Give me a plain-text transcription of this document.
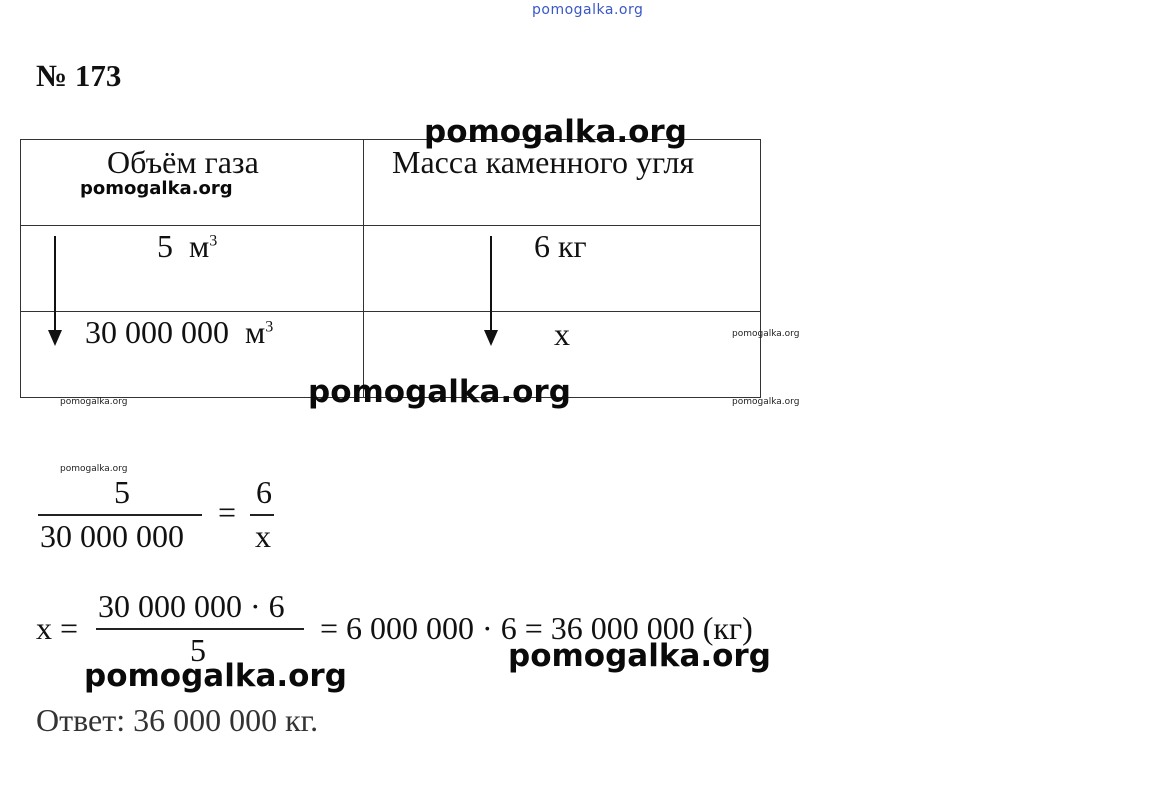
pomogalka.org
№ 173
Объём газа	Масса каменного угля

5 $м^3$	6 кг

30 000 000 $м^3$	x
5
30 000 000
=
6
x
x =
30 000 000 · 6
5
= 6 000 000 · 6 = 36 000 000 (кг)
Ответ: 36 000 000 кг.
pomogalka.org
pomogalka.org
pomogalka.org
pomogalka.org
pomogalka.org	pomogalka.org
pomogalka.org
pomogalka.org
pomogalka.org
